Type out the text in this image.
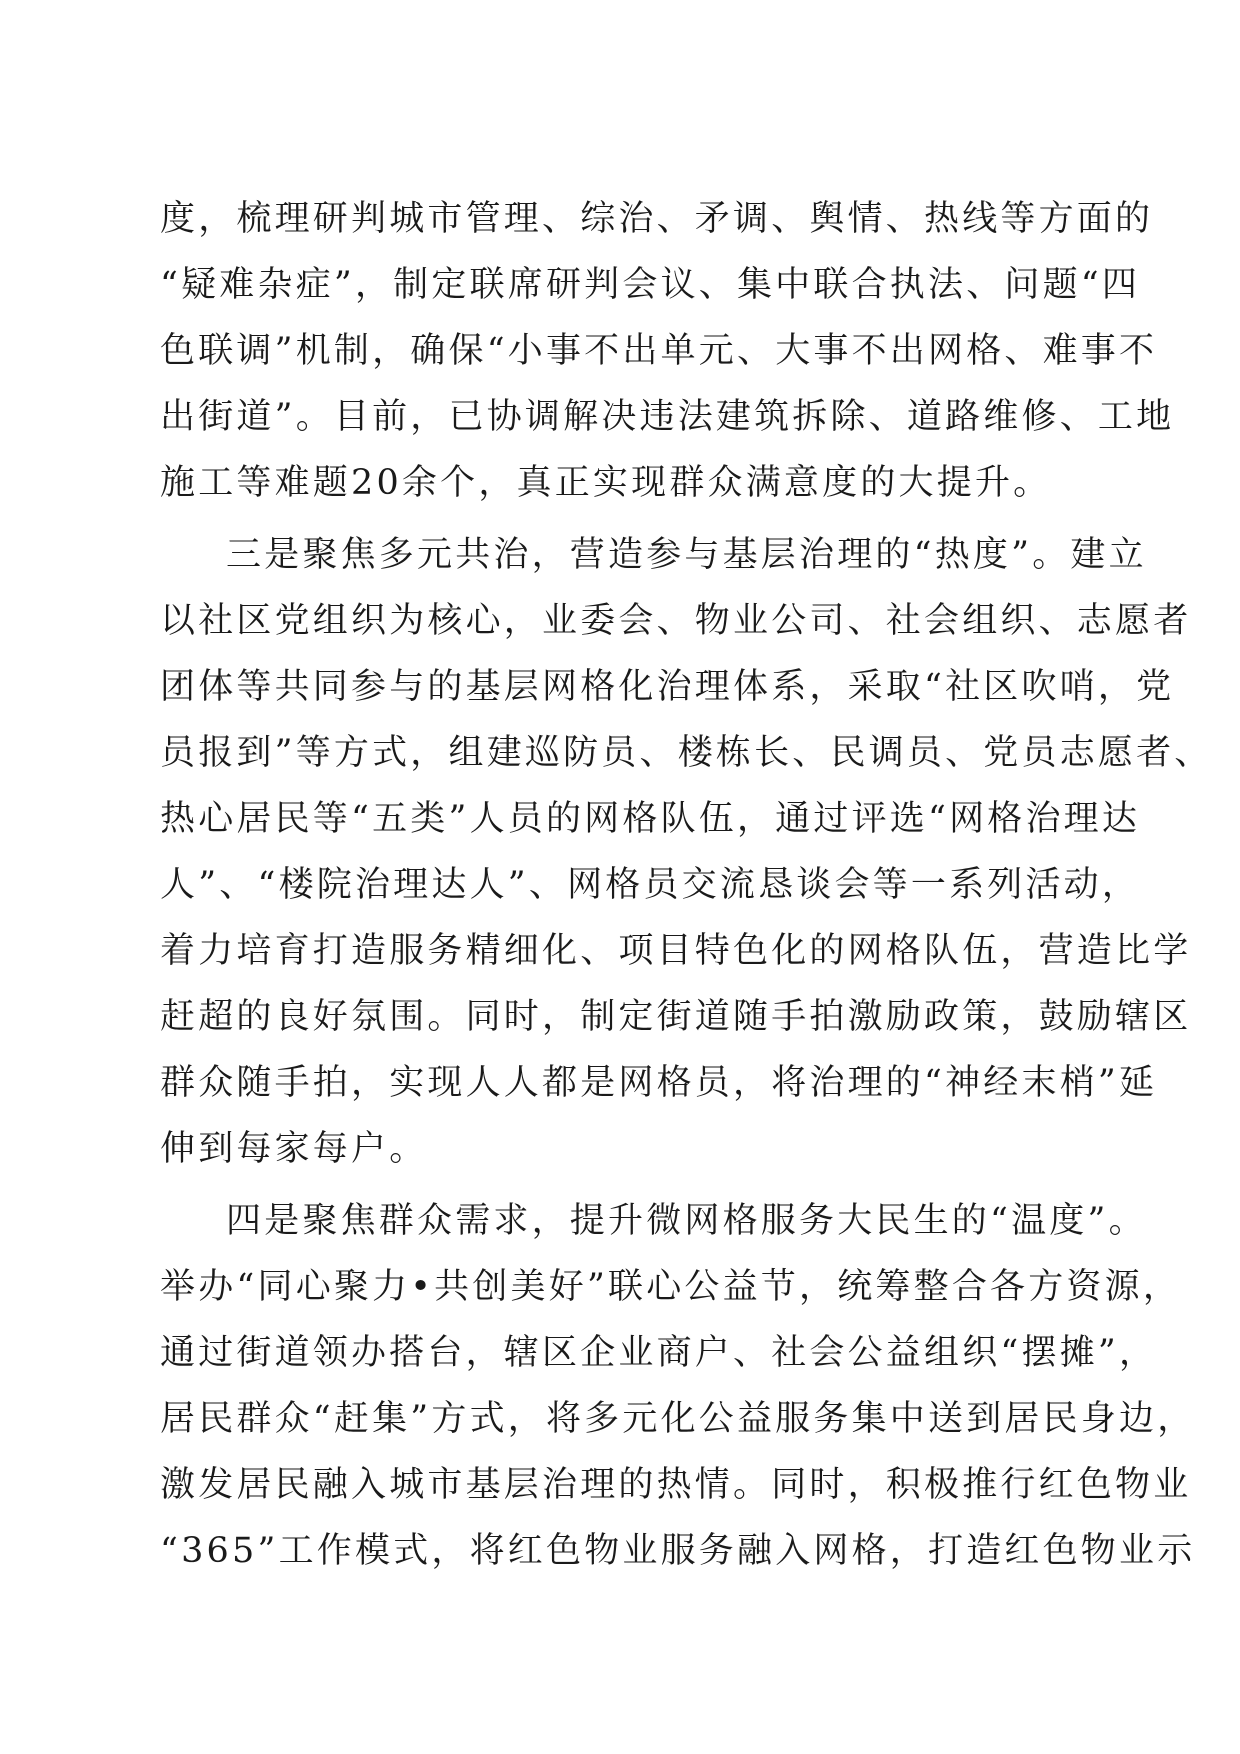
度，梳理研判城市管理、综治、矛调、舆情、热线等方面的
“疑难杂症”，制定联席研判会议、集中联合执法、问题“四
色联调”机制，确保“小事不出单元、大事不出网格、难事不
出街道”。目前，已协调解决违法建筑拆除、道路维修、工地
施工等难题20余个，真正实现群众满意度的大提升。
三是聚焦多元共治，营造参与基层治理的“热度”。建立
以社区党组织为核心，业委会、物业公司、社会组织、志愿者
团体等共同参与的基层网格化治理体系，采取“社区吹哨，党
员报到”等方式，组建巡防员、楼栋长、民调员、党员志愿者、
热心居民等“五类”人员的网格队伍，通过评选“网格治理达
人”、“楼院治理达人”、网格员交流恳谈会等一系列活动，
着力培育打造服务精细化、项目特色化的网格队伍，营造比学
赶超的良好氛围。同时，制定街道随手拍激励政策，鼓励辖区
群众随手拍，实现人人都是网格员，将治理的“神经末梢”延
伸到每家每户。
四是聚焦群众需求，提升微网格服务大民生的“温度”。
举办“同心聚力•共创美好”联心公益节，统筹整合各方资源，
通过街道领办搭台，辖区企业商户、社会公益组织“摆摊”，
居民群众“赶集”方式，将多元化公益服务集中送到居民身边，
激发居民融入城市基层治理的热情。同时，积极推行红色物业
“365”工作模式，将红色物业服务融入网格，打造红色物业示
